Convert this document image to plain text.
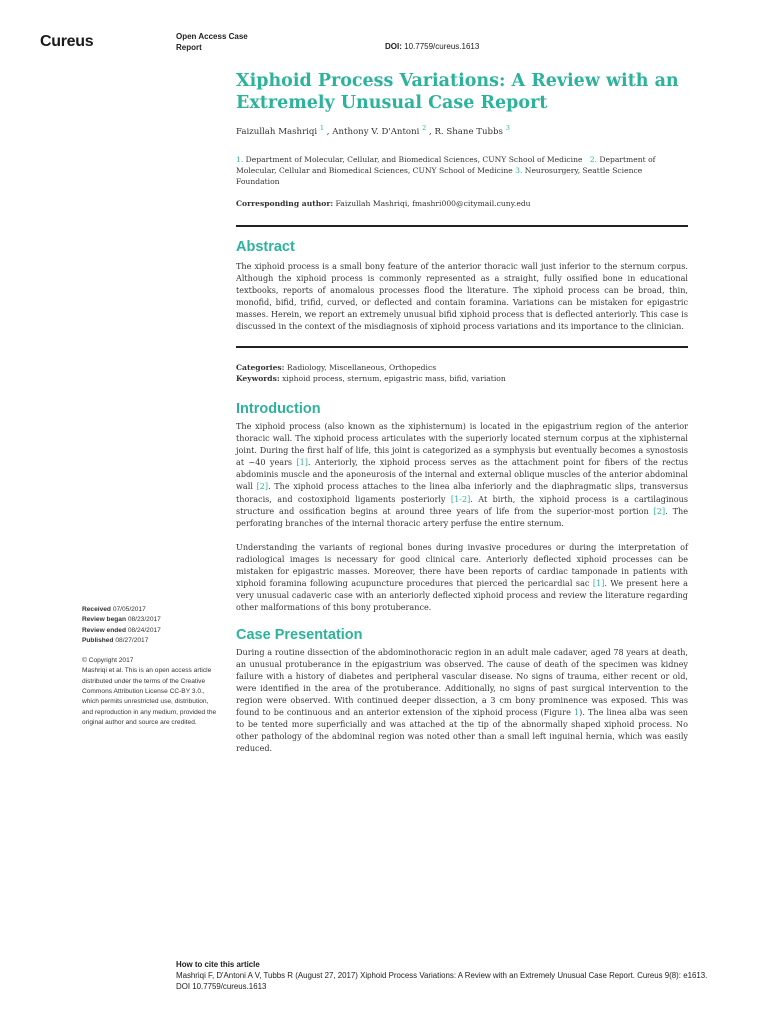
Cureus	Open Access Case
Report	DOI: 10.7759/cureus.1613
Xiphoid Process Variations: A Review with an
Extremely Unusual Case Report
Faizullah Mashriqi $^1$ , Anthony V. D'Antoni $^2$ , R. Shane Tubbs $^3$
1. Department of Molecular, Cellular, and Biomedical Sciences, CUNY School of Medicine 2. Department of Molecular, Cellular and Biomedical Sciences, CUNY School of Medicine 3. Neurosurgery, Seattle Science Foundation
Corresponding author: Faizullah Mashriqi, fmashri000@citymail.cuny.edu
Abstract

The xiphoid process is a small bony feature of the anterior thoracic wall just inferior to the sternum corpus. Although the xiphoid process is commonly represented as a straight, fully ossified bone in educational textbooks, reports of anomalous processes flood the literature. The xiphoid process can be broad, thin, monofid, bifid, trifid, curved, or deflected and contain foramina. Variations can be mistaken for epigastric masses. Herein, we report an extremely unusual bifid xiphoid process that is deflected anteriorly. This case is discussed in the context of the misdiagnosis of xiphoid process variations and its importance to the clinician.

Categories: Radiology, Miscellaneous, Orthopedics
Keywords: xiphoid process, sternum, epigastric mass, bifid, variation
Introduction

The xiphoid process (also known as the xiphisternum) is located in the epigastrium region of the anterior thoracic wall. The xiphoid process articulates with the superiorly located sternum corpus at the xiphisternal joint. During the first half of life, this joint is categorized as a symphysis but eventually becomes a synostosis at ~40 years [1]. Anteriorly, the xiphoid process serves as the attachment point for fibers of the rectus abdominis muscle and the aponeurosis of the internal and external oblique muscles of the anterior abdominal wall [2]. The xiphoid process attaches to the linea alba inferiorly and the diaphragmatic slips, transversus thoracis, and costoxiphoid ligaments posteriorly [1-2]. At birth, the xiphoid process is a cartilaginous structure and ossification begins at around three years of life from the superior-most portion [2]. The perforating branches of the internal thoracic artery perfuse the entire sternum.

Understanding the variants of regional bones during invasive procedures or during the interpretation of radiological images is necessary for good clinical care. Anteriorly deflected xiphoid processes can be mistaken for epigastric masses. Moreover, there have been reports of cardiac tamponade in patients with xiphoid foramina following acupuncture procedures that pierced the pericardial sac [1]. We present here a very unusual cadaveric case with an anteriorly deflected xiphoid process and review the literature regarding other malformations of this bony protuberance.

Case Presentation

During a routine dissection of the abdominothoracic region in an adult male cadaver, aged 78 years at death, an unusual protuberance in the epigastrium was observed. The cause of death of the specimen was kidney failure with a history of diabetes and peripheral vascular disease. No signs of trauma, either recent or old, were identified in the area of the protuberance. Additionally, no signs of past surgical intervention to the region were observed. With continued deeper dissection, a 3 cm bony prominence was exposed. This was found to be continuous and an anterior extension of the xiphoid process (Figure 1). The linea alba was seen to be tented more superficially and was attached at the tip of the abnormally shaped xiphoid process. No other pathology of the abdominal region was noted other than a small left inguinal hernia, which was easily reduced.

Received 07/05/2017
Review began 08/23/2017
Review ended 08/24/2017
Published 08/27/2017
© Copyright 2017
Mashriqi et al. This is an open access article distributed under the terms of the Creative Commons Attribution License CC-BY 3.0., which permits unrestricted use, distribution, and reproduction in any medium, provided the original author and source are credited.
How to cite this article
Mashriqi F, D'Antoni A V, Tubbs R (August 27, 2017) Xiphoid Process Variations: A Review with an Extremely Unusual Case Report. Cureus 9(8): e1613. DOI 10.7759/cureus.1613
